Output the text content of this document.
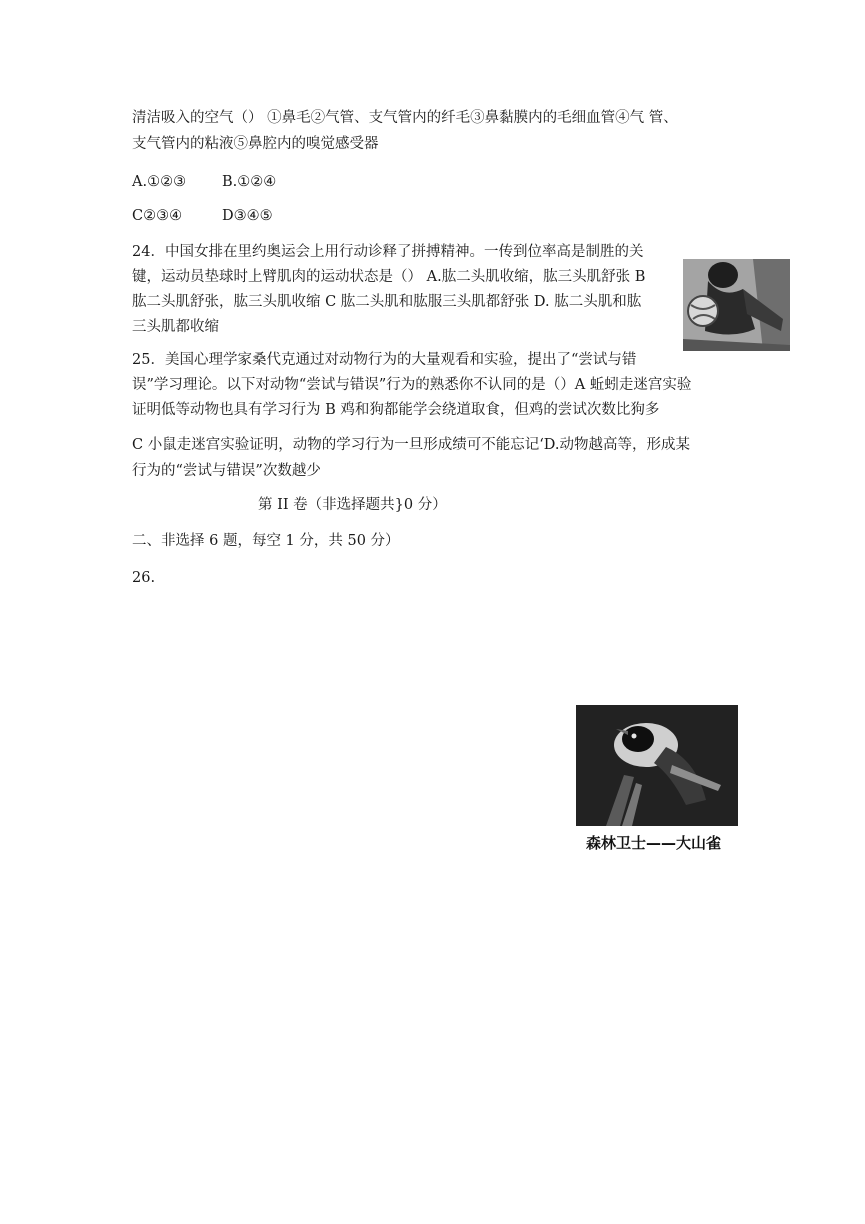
清洁吸入的空气（） ①鼻毛②气管、支气管内的纤毛③鼻黏膜内的毛细血管④气 管、
支气管内的粘液⑤鼻腔内的嗅觉感受器
A.①②③ B.①②④
C②③④	D③④⑤
24．中国女排在里约奥运会上用行动诊释了拼搏精神。一传到位率高是制胜的关
键，运动员垫球时上臂肌肉的运动状态是（） A.肱二头肌收缩，肱三头肌舒张 B
肱二头肌舒张，肱三头肌收缩 C 肱二头肌和肱服三头肌都舒张 D. 肱二头肌和肱
三头肌都收缩
25．美国心理学家桑代克通过对动物行为的大量观看和实验，提出了“尝试与错
误”学习理论。以下对动物“尝试与错误”行为的熟悉你不认同的是（）A 蚯蚓走迷宫实验
证明低等动物也具有学习行为 B 鸡和狗都能学会绕道取食，但鸡的尝试次数比狗多
C 小鼠走迷宫实验证明，动物的学习行为一旦形成绩可不能忘记‘D.动物越高等，形成某
行为的“尝试与错误”次数越少
第 II 卷（非选择题共}0 分）
二、非选择 6 题，每空 1 分，共 50 分）
26.
森林卫士——大山雀
